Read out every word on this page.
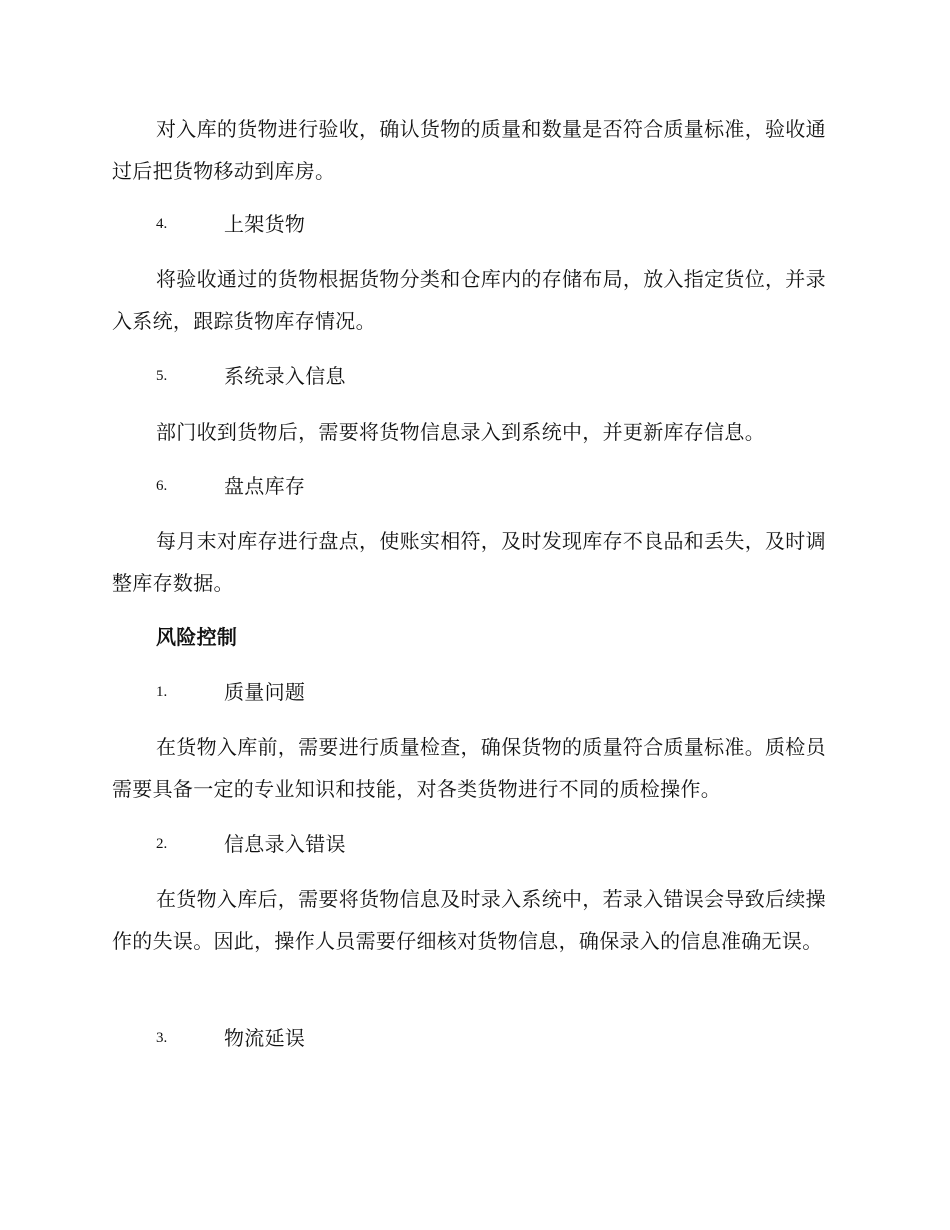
对入库的货物进行验收，确认货物的质量和数量是否符合质量标准，验收通过后把货物移动到库房。

4.	上架货物

将验收通过的货物根据货物分类和仓库内的存储布局，放入指定货位，并录入系统，跟踪货物库存情况。

5.	系统录入信息

部门收到货物后，需要将货物信息录入到系统中，并更新库存信息。

6.	盘点库存

每月末对库存进行盘点，使账实相符，及时发现库存不良品和丢失，及时调整库存数据。

风险控制
1.	质量问题

在货物入库前，需要进行质量检查，确保货物的质量符合质量标准。质检员需要具备一定的专业知识和技能，对各类货物进行不同的质检操作。

2.	信息录入错误

在货物入库后，需要将货物信息及时录入系统中，若录入错误会导致后续操作的失误。因此，操作人员需要仔细核对货物信息，确保录入的信息准确无误。

3.	物流延误
